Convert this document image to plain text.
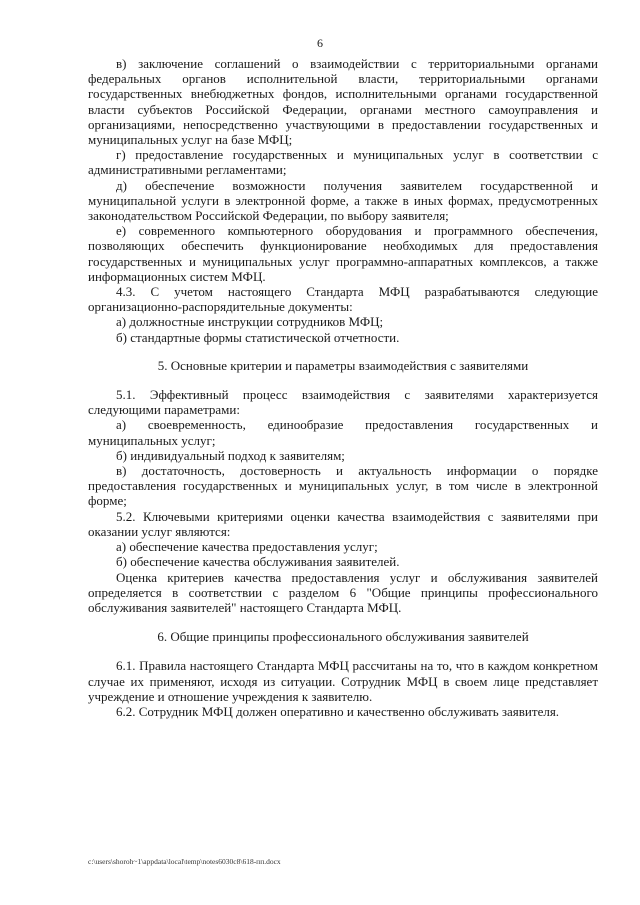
6

в) заключение соглашений о взаимодействии с территориальными органами федеральных органов исполнительной власти, территориальными органами государственных внебюджетных фондов, исполнительными органами государственной власти субъектов Российской Федерации, органами местного самоуправления и организациями, непосредственно участвующими в предоставлении государственных и муниципальных услуг на базе МФЦ;

г) предоставление государственных и муниципальных услуг в соответствии с административными регламентами;

д) обеспечение возможности получения заявителем государственной и муниципальной услуги в электронной форме, а также в иных формах, предусмотренных законодательством Российской Федерации, по выбору заявителя;

е) современного компьютерного оборудования и программного обеспечения, позволяющих обеспечить функционирование необходимых для предоставления государственных и муниципальных услуг программно-аппаратных комплексов, а также информационных систем МФЦ.

4.3. С учетом настоящего Стандарта МФЦ разрабатываются следующие организационно-распорядительные документы:

а) должностные инструкции сотрудников МФЦ;

б) стандартные формы статистической отчетности.

5. Основные критерии и параметры взаимодействия с заявителями

5.1. Эффективный процесс взаимодействия с заявителями характеризуется следующими параметрами:

а) своевременность, единообразие предоставления государственных и муниципальных услуг;

б) индивидуальный подход к заявителям;

в) достаточность, достоверность и актуальность информации о порядке предоставления государственных и муниципальных услуг, в том числе в электронной форме;

5.2. Ключевыми критериями оценки качества взаимодействия с заявителями при оказании услуг являются:

а) обеспечение качества предоставления услуг;

б) обеспечение качества обслуживания заявителей.

Оценка критериев качества предоставления услуг и обслуживания заявителей определяется в соответствии с разделом 6 "Общие принципы профессионального обслуживания заявителей" настоящего Стандарта МФЦ.

6. Общие принципы профессионального обслуживания заявителей

6.1. Правила настоящего Стандарта МФЦ рассчитаны на то, что в каждом конкретном случае их применяют, исходя из ситуации. Сотрудник МФЦ в своем лице представляет учреждение и отношение учреждения к заявителю.

6.2. Сотрудник МФЦ должен оперативно и качественно обслуживать заявителя.

c:\users\shoroh~1\appdata\local\temp\notes6030c8\618-пп.docx
